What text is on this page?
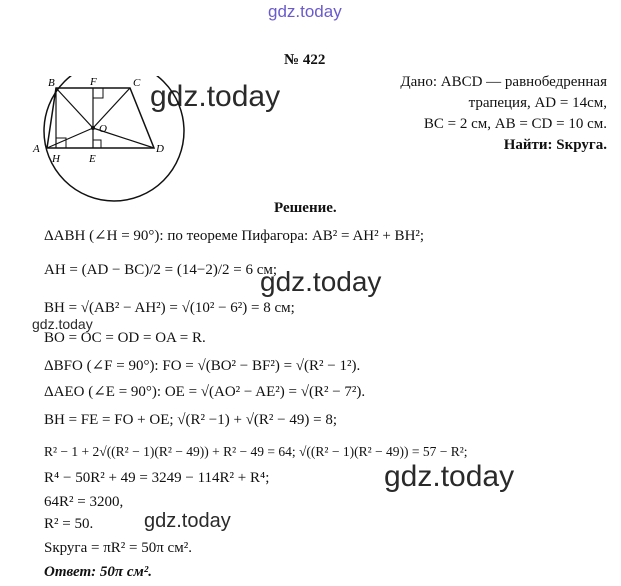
gdz.today
gdz.today
gdz.today
gdz.today
gdz.today
gdz.today
№ 422
Дано: ABCD — равнобедренная
трапеция, AD = 14см,
BC = 2 см, AB = CD = 10 см.
Найти: Sкруга.
B	F	C
O
A
H	E
D
Решение.
ΔABH (∠H = 90°): по теореме Пифагора: AB² = AH² + BH²;
AH = (AD − BC)/2 = (14−2)/2 = 6 см;
BH = √(AB² − AH²) = √(10² − 6²) = 8 см;
BO = OC = OD = OA = R.
ΔBFO (∠F = 90°): FO = √(BO² − BF²) = √(R² − 1²).
ΔAEO (∠E = 90°): OE = √(AO² − AE²) = √(R² − 7²).
BH = FE = FO + OE; √(R² −1) + √(R² − 49) = 8;
R² − 1 + 2√((R² − 1)(R² − 49)) + R² − 49 = 64; √((R² − 1)(R² − 49)) = 57 − R²;
R⁴ − 50R² + 49 = 3249 − 114R² + R⁴;
64R² = 3200,
R² = 50.
Sкруга = πR² = 50π см².
Ответ: 50π см².
